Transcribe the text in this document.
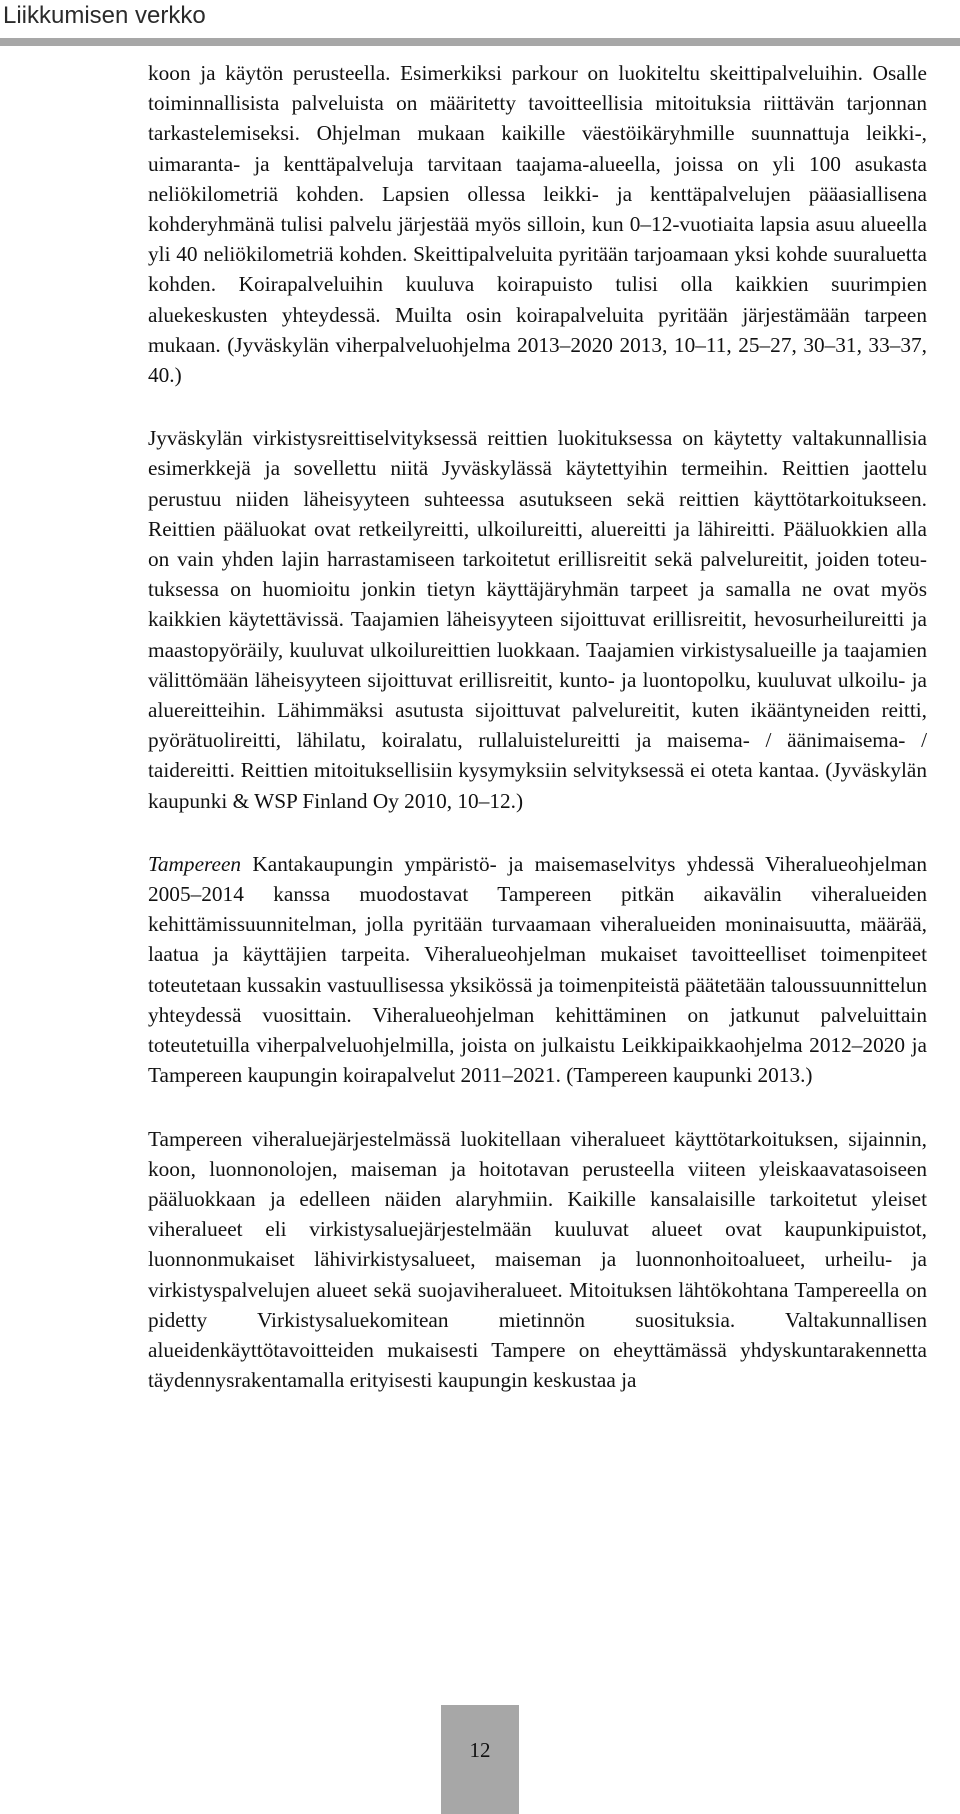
Liikkumisen verkko

koon ja käytön perusteella. Esimerkiksi parkour on luokiteltu skeittipalveluihin. Osalle toiminnallisista palveluista on määritetty tavoitteellisia mitoituksia riittävän tarjonnan tarkastelemiseksi. Ohjelman mukaan kaikille väestöikäryhmille suunnattuja leikki-, uimaranta- ja kenttäpalveluja tarvitaan taajama-alueella, joissa on yli 100 asukasta neliökilometriä kohden. Lapsien ollessa leikki- ja kenttäpalvelujen pääasiallisena kohderyhmänä tulisi palvelu järjestää myös silloin, kun 0–12-vuotiaita lapsia asuu alueella yli 40 neliökilometriä kohden. Skeittipalveluita pyritään tarjoamaan yksi kohde suuraluetta kohden. Koirapalveluihin kuuluva koirapuisto tulisi olla kaikkien suurimpien aluekeskusten yhteydessä. Muilta osin koirapalveluita pyritään järjestämään tarpeen mukaan. (Jyväskylän viherpalveluohjelma 2013–2020 2013, 10–11, 25–27, 30–31, 33–37, 40.)

Jyväskylän virkistysreittiselvityksessä reittien luokituksessa on käytetty valtakunnallisia esimerkkejä ja sovellettu niitä Jyväskylässä käytettyihin termeihin. Reittien jaottelu perustuu niiden läheisyyteen suhteessa asutukseen sekä reittien käyttötarkoitukseen. Reittien pääluokat ovat retkeilyreitti, ulkoilureitti, aluereitti ja lähireitti. Pääluokkien alla on vain yhden lajin harrastamiseen tarkoitetut erillisreitit sekä palvelureitit, joiden toteutuksessa on huomioitu jonkin tietyn käyttäjäryhmän tarpeet ja samalla ne ovat myös kaikkien käytettävissä. Taajamien läheisyyteen sijoittuvat erillisreitit, hevosurheilureitti ja maastopyöräily, kuuluvat ulkoilureittien luokkaan. Taajamien virkistysalueille ja taajamien välittömään läheisyyteen sijoittuvat erillisreitit, kunto- ja luontopolku, kuuluvat ulkoilu- ja aluereitteihin. Lähimmäksi asutusta sijoittuvat palvelureitit, kuten ikääntyneiden reitti, pyörätuolireitti, lähilatu, koiralatu, rullaluistelureitti ja maisema- / äänimaisema- / taidereitti. Reittien mitoituksellisiin kysymyksiin selvityksessä ei oteta kantaa. (Jyväskylän kaupunki & WSP Finland Oy 2010, 10–12.)

Tampereen Kantakaupungin ympäristö- ja maisemaselvitys yhdessä Viheralueohjelman 2005–2014 kanssa muodostavat Tampereen pitkän aikavälin viheralueiden kehittämissuunnitelman, jolla pyritään turvaamaan viheralueiden moninaisuutta, määrää, laatua ja käyttäjien tarpeita. Viheralueohjelman mukaiset tavoitteelliset toimenpiteet toteutetaan kussakin vastuullisessa yksikössä ja toimenpiteistä päätetään taloussuunnittelun yhteydessä vuosittain. Viheralueohjelman kehittäminen on jatkunut palveluittain toteutetuilla viherpalveluohjelmilla, joista on julkaistu Leikkipaikkaohjelma 2012–2020 ja Tampereen kaupungin koirapalvelut 2011–2021. (Tampereen kaupunki 2013.)

Tampereen viheraluejärjestelmässä luokitellaan viheralueet käyttötarkoituksen, sijainnin, koon, luonnonolojen, maiseman ja hoitotavan perusteella viiteen yleiskaavatasoiseen pääluokkaan ja edelleen näiden alaryhmiin. Kaikille kansalaisille tarkoitetut yleiset viheralueet eli virkistysaluejärjestelmään kuuluvat alueet ovat kaupunkipuistot, luonnonmukaiset lähivirkistysalueet, maiseman ja luonnonhoitoalueet, urheilu- ja virkistyspalvelujen alueet sekä suojaviheralueet. Mitoituksen lähtökohtana Tampereella on pidetty Virkistysaluekomitean mietinnön suosituksia. Valtakunnallisen alueidenkäyttötavoitteiden mukaisesti Tampere on eheyttämässä yhdyskuntarakennetta täydennysrakentamalla erityisesti kaupungin keskustaa ja

12
